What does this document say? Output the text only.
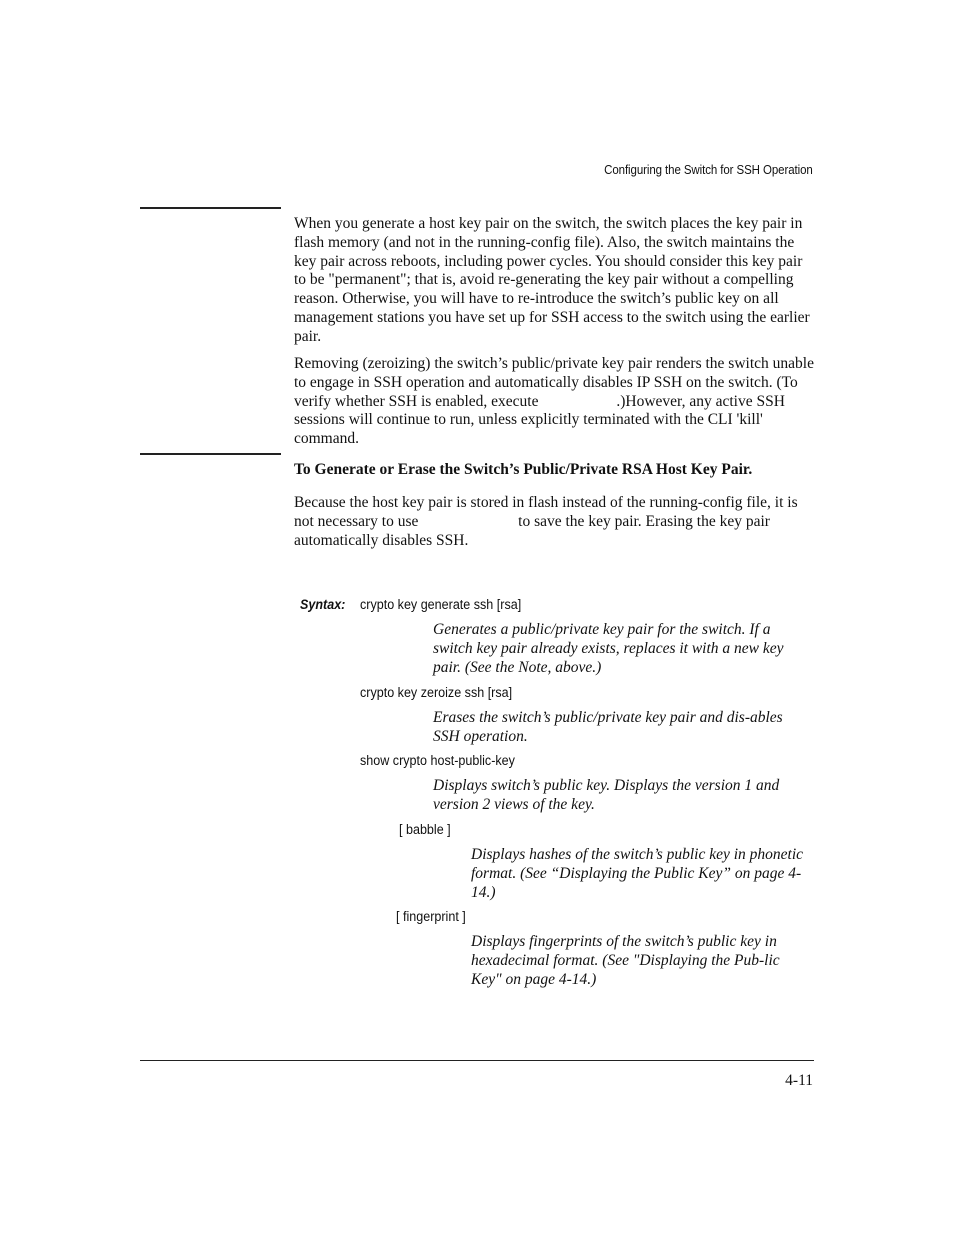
Configuring the Switch for SSH Operation

When you generate a host key pair on the switch, the switch places the key pair in flash memory (and not in the running-config file). Also, the switch maintains the key pair across reboots, including power cycles. You should consider this key pair to be "permanent"; that is, avoid re-generating the key pair without a compelling reason. Otherwise, you will have to re-introduce the switch’s public key on all management stations you have set up for SSH access to the switch using the earlier pair.

Removing (zeroizing) the switch’s public/private key pair renders the switch unable to engage in SSH operation and automatically disables IP SSH on the switch. (To verify whether SSH is enabled, execute	.)However, any active SSH sessions will continue to run, unless explicitly terminated with the CLI 'kill' command.

To Generate or Erase the Switch’s Public/Private RSA Host Key Pair.

Because the host key pair is stored in flash instead of the running-config file, it is not necessary to use	to save the key pair. Erasing the key pair automatically disables SSH.

Syntax: crypto key generate ssh [rsa]

Generates a public/private key pair for the switch. If a switch key pair already exists, replaces it with a new key pair. (See the Note, above.)

crypto key zeroize ssh [rsa]

Erases the switch’s public/private key pair and dis-ables SSH operation.

show crypto host-public-key

Displays switch’s public key. Displays the version 1 and version 2 views of the key.

[ babble ]

Displays hashes of the switch’s public key in phonetic format. (See “Displaying the Public Key” on page 4-14.)

[ fingerprint ]

Displays fingerprints of the switch’s public key in hexadecimal format. (See "Displaying the Pub-lic Key" on page 4-14.)

4-11
